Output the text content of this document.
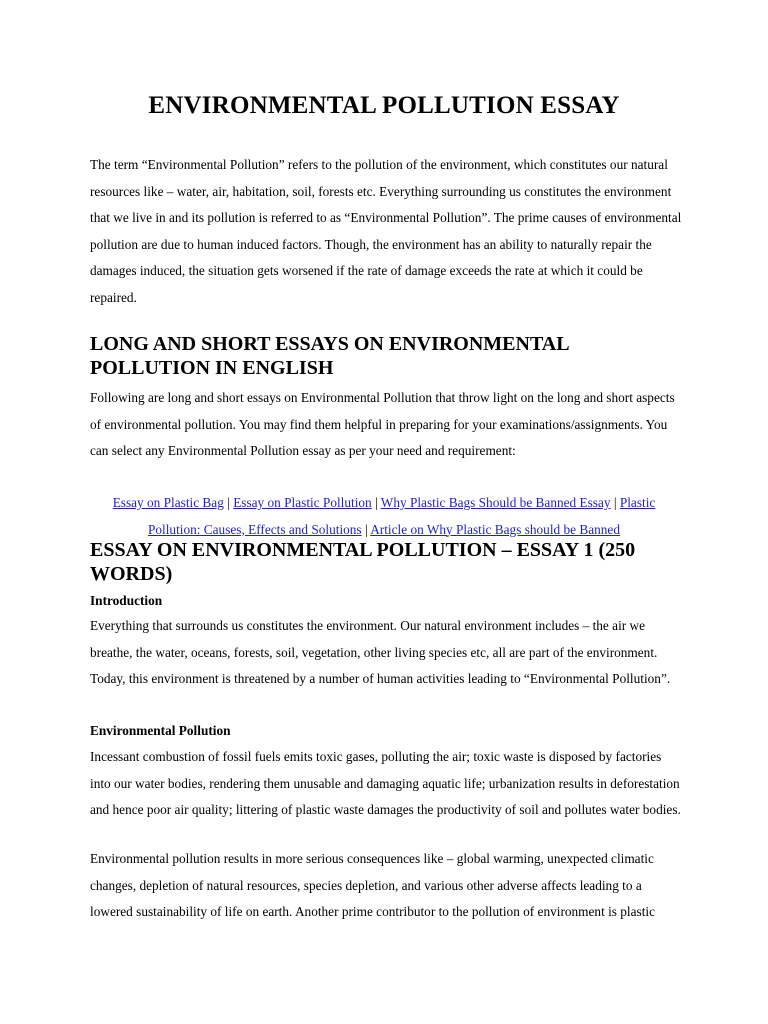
ENVIRONMENTAL POLLUTION ESSAY

The term “Environmental Pollution” refers to the pollution of the environment, which constitutes our natural
resources like – water, air, habitation, soil, forests etc. Everything surrounding us constitutes the environment
that we live in and its pollution is referred to as “Environmental Pollution”. The prime causes of environmental
pollution are due to human induced factors. Though, the environment has an ability to naturally repair the
damages induced, the situation gets worsened if the rate of damage exceeds the rate at which it could be
repaired.

LONG AND SHORT ESSAYS ON ENVIRONMENTAL
POLLUTION IN ENGLISH

Following are long and short essays on Environmental Pollution that throw light on the long and short aspects
of environmental pollution. You may find them helpful in preparing for your examinations/assignments. You
can select any Environmental Pollution essay as per your need and requirement:

Essay on Plastic Bag | Essay on Plastic Pollution | Why Plastic Bags Should be Banned Essay | Plastic
Pollution: Causes, Effects and Solutions | Article on Why Plastic Bags should be Banned

ESSAY ON ENVIRONMENTAL POLLUTION – ESSAY 1 (250
WORDS)
Introduction

Everything that surrounds us constitutes the environment. Our natural environment includes – the air we
breathe, the water, oceans, forests, soil, vegetation, other living species etc, all are part of the environment.
Today, this environment is threatened by a number of human activities leading to “Environmental Pollution”.

Environmental Pollution

Incessant combustion of fossil fuels emits toxic gases, polluting the air; toxic waste is disposed by factories
into our water bodies, rendering them unusable and damaging aquatic life; urbanization results in deforestation
and hence poor air quality; littering of plastic waste damages the productivity of soil and pollutes water bodies.

Environmental pollution results in more serious consequences like – global warming, unexpected climatic
changes, depletion of natural resources, species depletion, and various other adverse affects leading to a
lowered sustainability of life on earth. Another prime contributor to the pollution of environment is plastic
